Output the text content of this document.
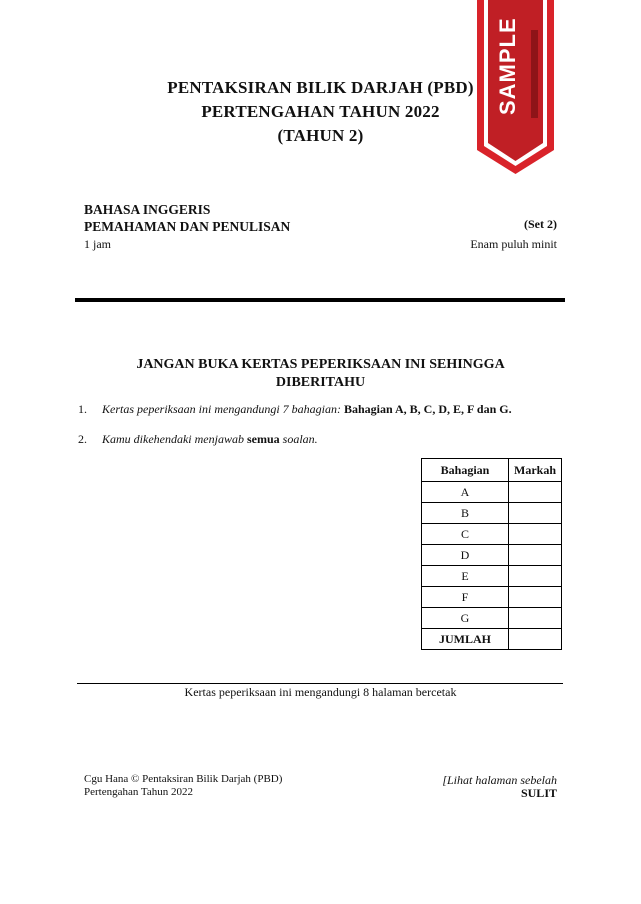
PENTAKSIRAN BILIK DARJAH (PBD)
PERTENGAHAN TAHUN 2022
(TAHUN 2)
SAMPLE
BAHASA INGGERIS
PEMAHAMAN DAN PENULISAN
1 jam
(Set 2)
Enam puluh minit
JANGAN BUKA KERTAS PEPERIKSAAN INI SEHINGGA
DIBERITAHU
1. Kertas peperiksaan ini mengandungi 7 bahagian: Bahagian A, B, C, D, E, F dan G.
2. Kamu dikehendaki menjawab semua soalan.
Bahagian	Markah
A	
B	
C	
D	
E	
F	
G	
JUMLAH	
Kertas peperiksaan ini mengandungi 8 halaman bercetak
Cgu Hana © Pentaksiran Bilik Darjah (PBD)
Pertengahan Tahun 2022
[Lihat halaman sebelah
SULIT
